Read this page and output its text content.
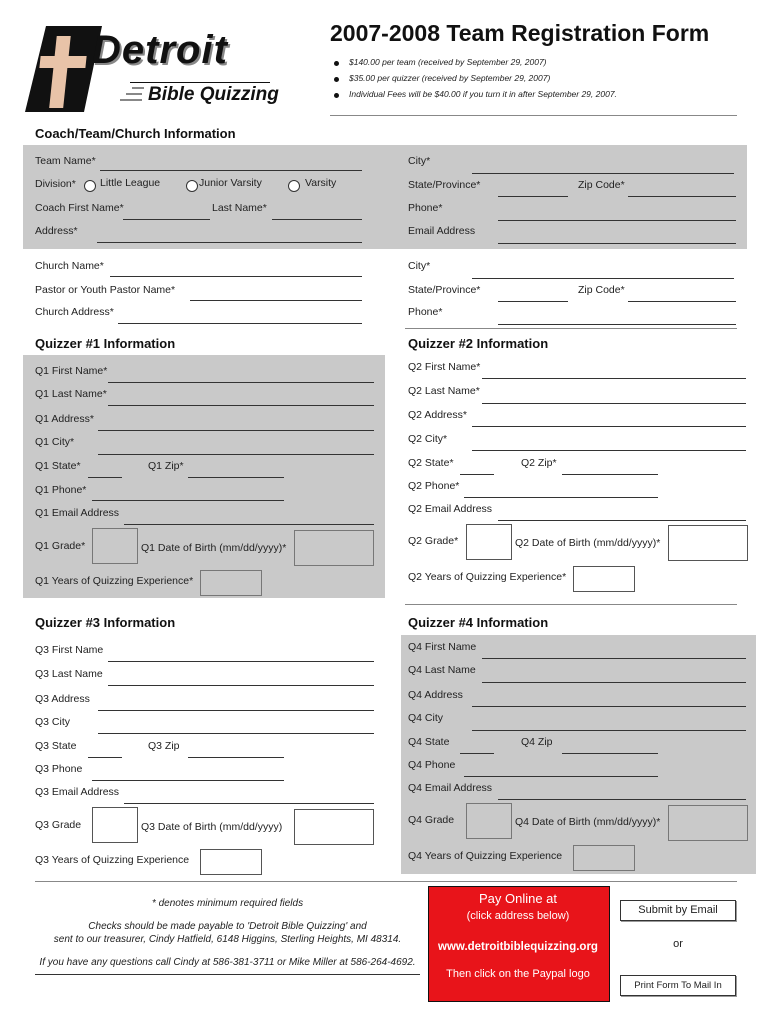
Detroit
Bible Quizzing
2007-2008 Team Registration Form
$140.00 per team (received by September 29, 2007)
$35.00 per quizzer (received by September 29, 2007)
Individual Fees will be $40.00 if you turn it in after September 29, 2007.
Coach/Team/Church Information
Team Name*	City*
Division* Little League	Junior Varsity	Varsity	State/Province*	Zip Code*
Coach First Name*	Last Name*	Phone*
Address*	Email Address
Church Name*	City*
Pastor or Youth Pastor Name*	State/Province*	Zip Code*
Church Address*	Phone*
Quizzer #1 Information
Q1 First Name*
Q1 Last Name*
Q1 Address*
Q1 City*
Q1 State*	Q1 Zip*
Q1 Phone*
Q1 Email Address
Q1 Grade*	Q1 Date of Birth (mm/dd/yyyy)*
Q1 Years of Quizzing Experience*
Quizzer #2 Information
Q2 First Name*
Q2 Last Name*
Q2 Address*
Q2 City*
Q2 State*	Q2 Zip*
Q2 Phone*
Q2 Email Address
Q2 Grade*	Q2 Date of Birth (mm/dd/yyyy)*
Q2 Years of Quizzing Experience*
Quizzer #3 Information
Q3 First Name
Q3 Last Name
Q3 Address
Q3 City
Q3 State	Q3 Zip
Q3 Phone
Q3 Email Address
Q3 Grade	Q3 Date of Birth (mm/dd/yyyy)
Q3 Years of Quizzing Experience
Quizzer #4 Information
Q4 First Name
Q4 Last Name
Q4 Address
Q4 City
Q4 State	Q4 Zip
Q4 Phone
Q4 Email Address
Q4 Grade	Q4 Date of Birth (mm/dd/yyyy)*
Q4 Years of Quizzing Experience
* denotes minimum required fields
Checks should be made payable to 'Detroit Bible Quizzing' and
sent to our treasurer, Cindy Hatfield, 6148 Higgins, Sterling Heights, MI 48314.
If you have any questions call Cindy at 586-381-3711 or Mike Miller at 586-264-4692.
Pay Online at
(click address below)
www.detroitbiblequizzing.org
Then click on the Paypal logo
Submit by Email
or
Print Form To Mail In
